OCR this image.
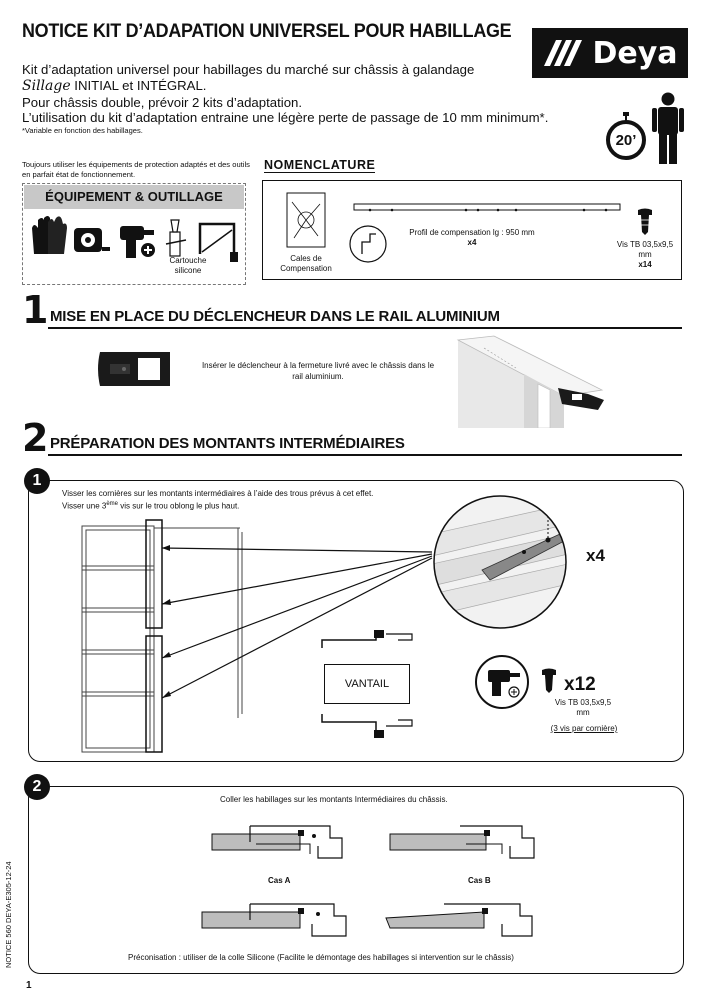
NOTICE KIT D’ADAPATION UNIVERSEL POUR HABILLAGE
Deya
Kit d’adaptation universel pour habillages du marché sur châssis à galandage
Sillage INITIAL et INTÉGRAL.
Pour châssis double, prévoir 2 kits d’adaptation.
L’utilisation du kit d’adaptation entraine une légère perte de passage de 10 mm minimum*.
*Variable en fonction des habillages.
20’
Toujours utiliser les équipements de protection adaptés et des outils en parfait état de fonctionnement.
ÉQUIPEMENT & OUTILLAGE
Cartouche silicone
NOMENCLATURE
Cales de Compensation
Profil de compensation lg : 950 mm
x4	Vis TB 03,5x9,5 mm
x14
1 MISE EN PLACE DU DÉCLENCHEUR DANS LE RAIL ALUMINIUM
Insérer le déclencheur à la fermeture livré avec le châssis dans le rail aluminium.
2 PRÉPARATION DES MONTANTS INTERMÉDIAIRES
1
Visser les cornières sur les montants intermédiaires à l’aide des trous prévus à cet effet.
Visser une 3ème vis sur le trou oblong le plus haut.
x4
VANTAIL	x12
Vis TB 03,5x9,5 mm
(3 vis par cornière)
2
Coller les habillages sur les montants Intermédiaires du châssis.
Cas A	Cas B
Préconisation : utiliser de la colle Silicone (Facilite le démontage des habillages si intervention sur le châssis)
NOTICE 560 DEYA-E305-12-24
1
